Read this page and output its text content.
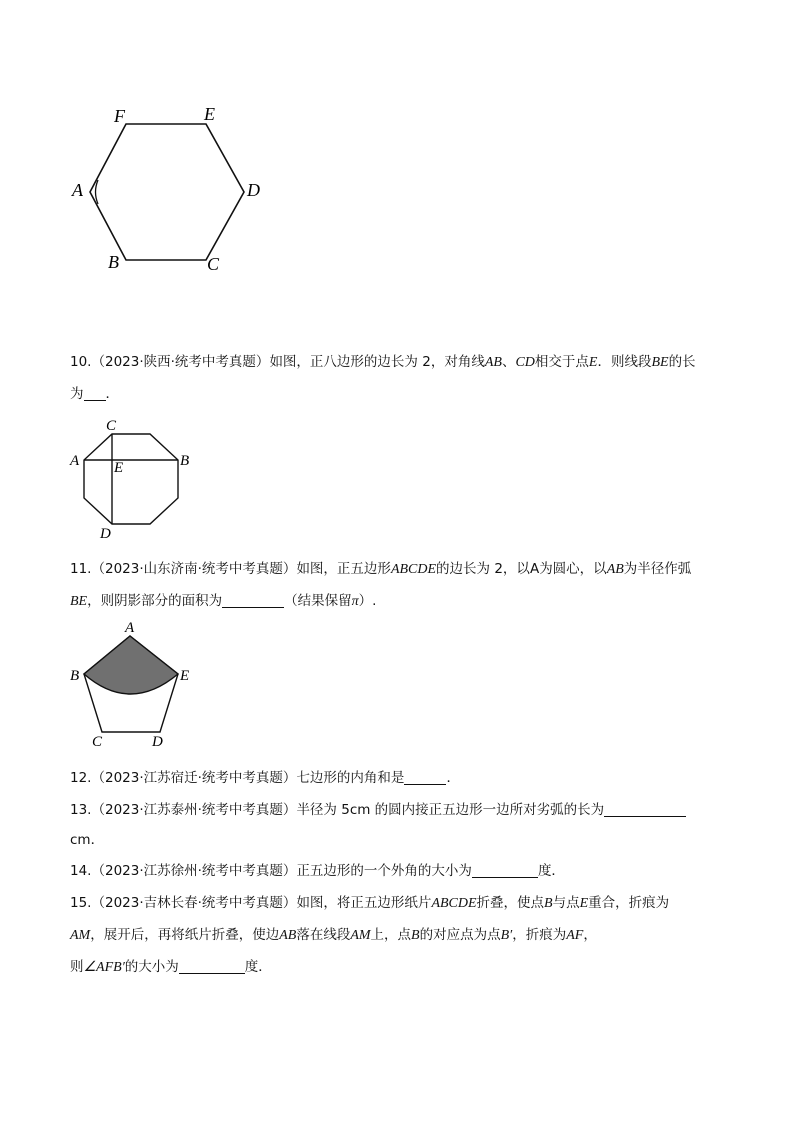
F	E
A	D
B	C
10.（2023·陕西·统考中考真题）如图，正八边形的边长为 2，对角线AB、CD相交于点E．则线段BE的长
为 ．
C
A E	B
D
11.（2023·山东济南·统考中考真题）如图，正五边形ABCDE的边长为 2，以A为圆心，以AB为半径作弧
BE，则阴影部分的面积为	（结果保留π）.
A
B	E
C	D
12.（2023·江苏宿迁·统考中考真题）七边形的内角和是	．
13.（2023·江苏泰州·统考中考真题）半径为 5cm 的圆内接正五边形一边所对劣弧的长为
cm．
14.（2023·江苏徐州·统考中考真题）正五边形的一个外角的大小为	度．
15.（2023·吉林长春·统考中考真题）如图，将正五边形纸片ABCDE折叠，使点B与点E重合，折痕为
AM，展开后，再将纸片折叠，使边AB落在线段AM上，点B的对应点为点B′，折痕为AF，
则∠AFB′的大小为	度．
